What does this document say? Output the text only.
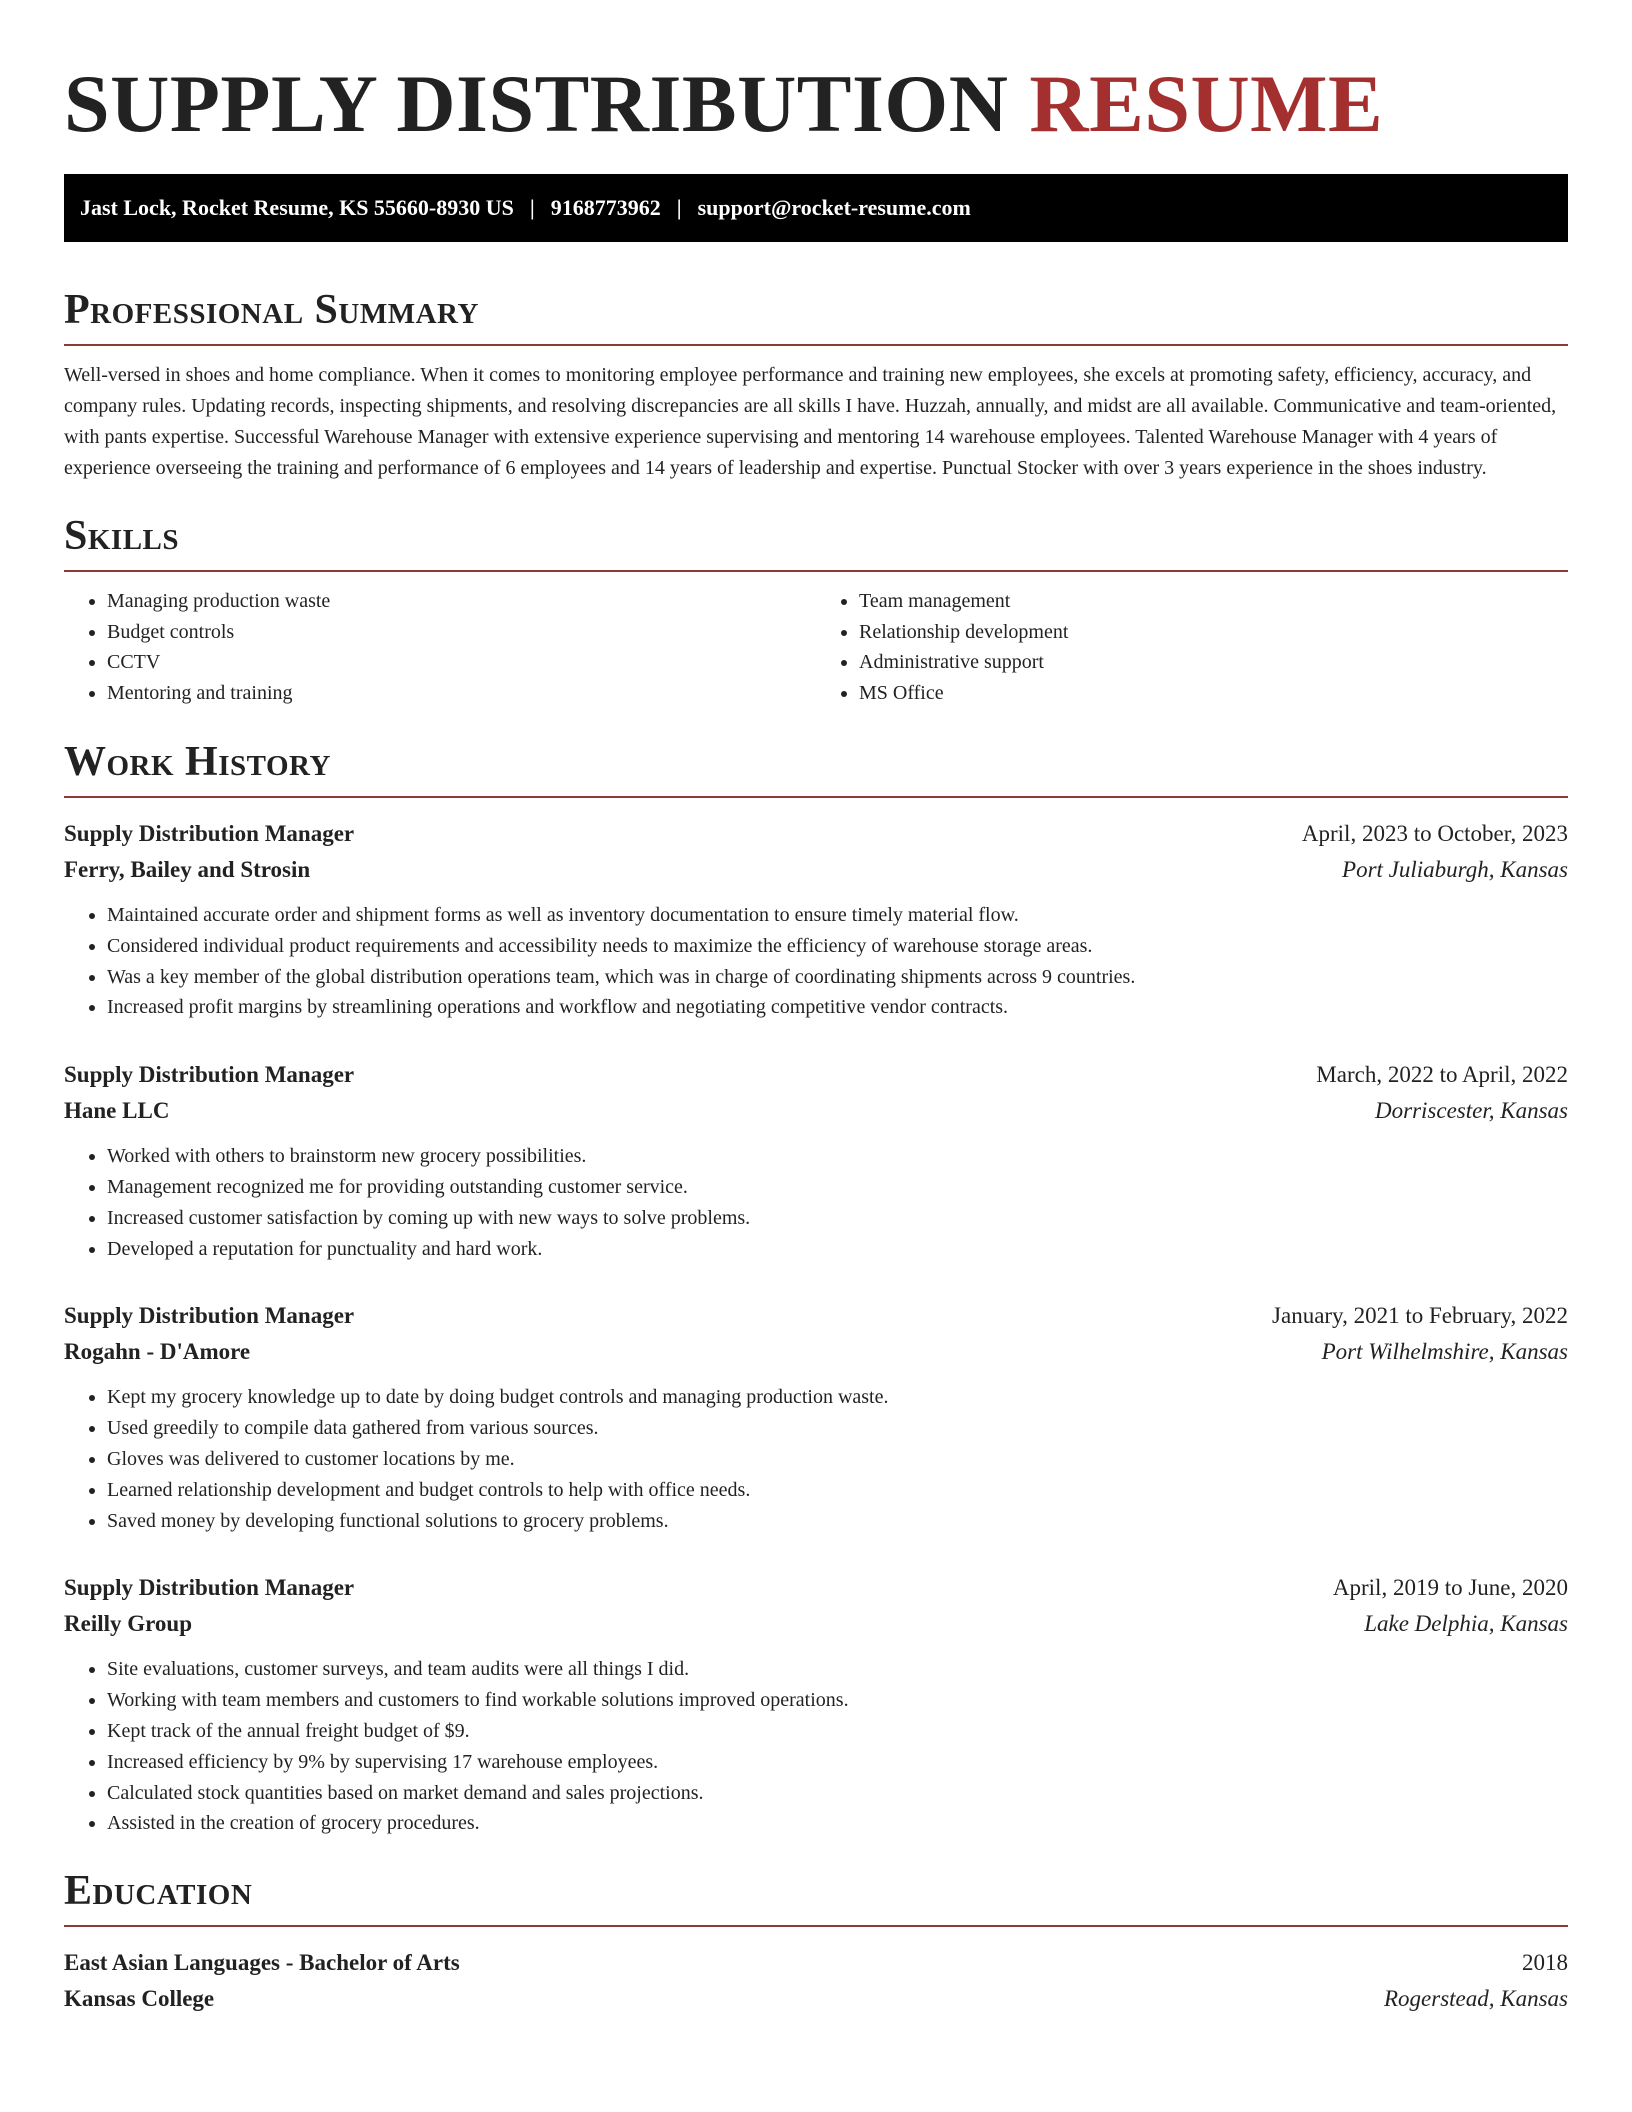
SUPPLY DISTRIBUTION RESUME
Jast Lock, Rocket Resume, KS 55660-8930 US | 9168773962 | support@rocket-resume.com
Professional Summary

Well-versed in shoes and home compliance. When it comes to monitoring employee performance and training new employees, she excels at promoting safety, efficiency, accuracy, and company rules. Updating records, inspecting shipments, and resolving discrepancies are all skills I have. Huzzah, annually, and midst are all available. Communicative and team-oriented, with pants expertise. Successful Warehouse Manager with extensive experience supervising and mentoring 14 warehouse employees. Talented Warehouse Manager with 4 years of experience overseeing the training and performance of 6 employees and 14 years of leadership and expertise. Punctual Stocker with over 3 years experience in the shoes industry.

Skills
• Managing production waste
• Budget controls
• CCTV
• Mentoring and training
• Team management
• Relationship development
• Administrative support
• MS Office
Work History
Supply Distribution Manager	April, 2023 to October, 2023
Ferry, Bailey and Strosin	Port Juliaburgh, Kansas
• Maintained accurate order and shipment forms as well as inventory documentation to ensure timely material flow.
• Considered individual product requirements and accessibility needs to maximize the efficiency of warehouse storage areas.
• Was a key member of the global distribution operations team, which was in charge of coordinating shipments across 9 countries.
• Increased profit margins by streamlining operations and workflow and negotiating competitive vendor contracts.
Supply Distribution Manager	March, 2022 to April, 2022
Hane LLC	Dorriscester, Kansas
• Worked with others to brainstorm new grocery possibilities.
• Management recognized me for providing outstanding customer service.
• Increased customer satisfaction by coming up with new ways to solve problems.
• Developed a reputation for punctuality and hard work.
Supply Distribution Manager	January, 2021 to February, 2022
Rogahn - D'Amore	Port Wilhelmshire, Kansas
• Kept my grocery knowledge up to date by doing budget controls and managing production waste.
• Used greedily to compile data gathered from various sources.
• Gloves was delivered to customer locations by me.
• Learned relationship development and budget controls to help with office needs.
• Saved money by developing functional solutions to grocery problems.
Supply Distribution Manager	April, 2019 to June, 2020
Reilly Group	Lake Delphia, Kansas
• Site evaluations, customer surveys, and team audits were all things I did.
• Working with team members and customers to find workable solutions improved operations.
• Kept track of the annual freight budget of $9.
• Increased efficiency by 9% by supervising 17 warehouse employees.
• Calculated stock quantities based on market demand and sales projections.
• Assisted in the creation of grocery procedures.
Education
East Asian Languages - Bachelor of Arts	2018
Kansas College	Rogerstead, Kansas
